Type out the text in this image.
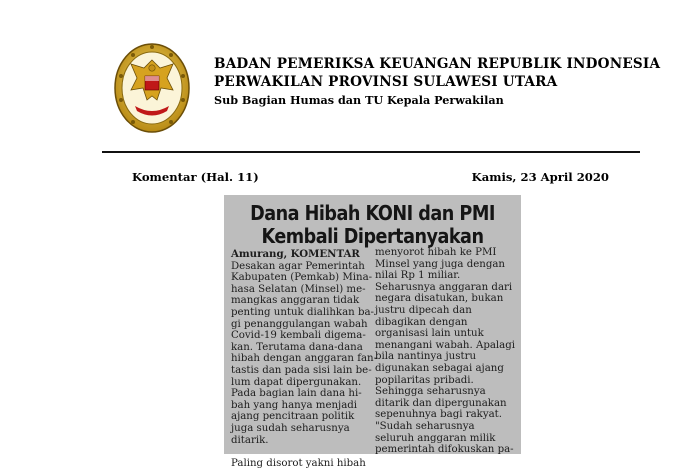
BADAN PEMERIKSA KEUANGAN REPUBLIK INDONESIA
PERWAKILAN PROVINSI SULAWESI UTARA
Sub Bagian Humas dan TU Kepala Perwakilan
Komentar (Hal. 11)	Kamis, 23 April 2020
Dana Hibah KONI dan PMI
Kembali Dipertanyakan
Amurang, KOMENTAR
Desakan agar Pemerintah
Kabupaten (Pemkab) Mina-
hasa Selatan (Minsel) me-
mangkas anggaran tidak
penting untuk dialihkan ba-
gi penanggulangan wabah
Covid-19 kembali digema-
kan. Terutama dana-dana
hibah dengan anggaran fan-
tastis dan pada sisi lain be-
lum dapat dipergunakan.
Pada bagian lain dana hi-
bah yang hanya menjadi
ajang pencitraan politik
juga sudah seharusnya
ditarik.

Paling disorot yakni hibah
menyorot hibah ke PMI
Minsel yang juga dengan
nilai Rp 1 miliar.
Seharusnya anggaran dari
negara disatukan, bukan
justru dipecah dan
dibagikan dengan
organisasi lain untuk
menangani wabah. Apalagi
bila nantinya justru
digunakan sebagai ajang
popilaritas pribadi.
Sehingga seharusnya
ditarik dan dipergunakan
sepenuhnya bagi rakyat.
"Sudah seharusnya
seluruh anggaran milik
pemerintah difokuskan pa-
